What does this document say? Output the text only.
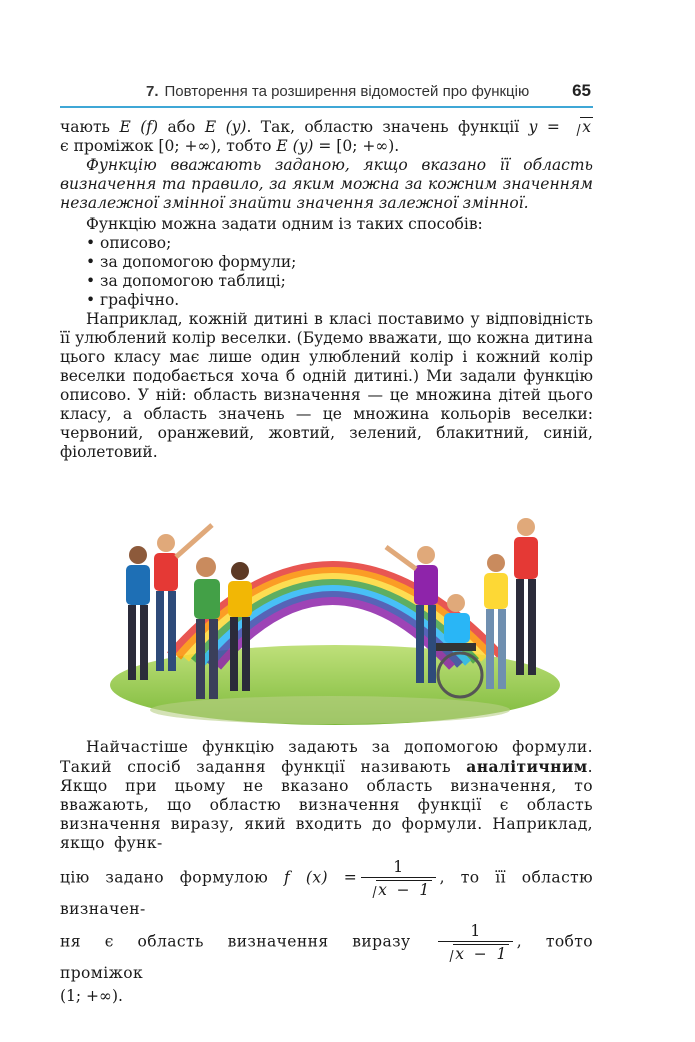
7. Повторення та розширення відомостей про функцію	65

чають E (f) або E (y). Так, областю значень функції y = x

є проміжок [0; +∞), тобто E (y) = [0; +∞).

Функцію вважають заданою, якщо вказано її область визначення та правило, за яким можна за кожним значенням незалежної змінної знайти значення залежної змінної.

Функцію можна задати одним із таких способів:

• описово;
• за допомогою формули;
• за допомогою таблиці;
• графічно.

Наприклад, кожній дитині в класі поставимо у відповідність її улюблений колір веселки. (Будемо вважати, що кожна дитина цього класу має лише один улюблений колір і кожний колір веселки подобається хоча б одній дитині.) Ми задали функцію описово. У ній: область визначення — це множина дітей цього класу, а область значень — це множина кольорів веселки: червоний, оранжевий, жовтий, зелений, блакитний, синій, фіолетовий.

Найчастіше функцію задають за допомогою формули. Такий спосіб задання функції називають аналітичним. Якщо при цьому не вказано область визначення, то вважають, що областю визначення функції є область визначення виразу, який входить до формули. Наприклад, якщо функ-

цію задано формулою f $(x) = \frac{1}{x - 1}$ , то її областю визначен-

ня є область визначення виразу $\frac{1}{x - 1}$ , тобто проміжок

(1; +∞).
